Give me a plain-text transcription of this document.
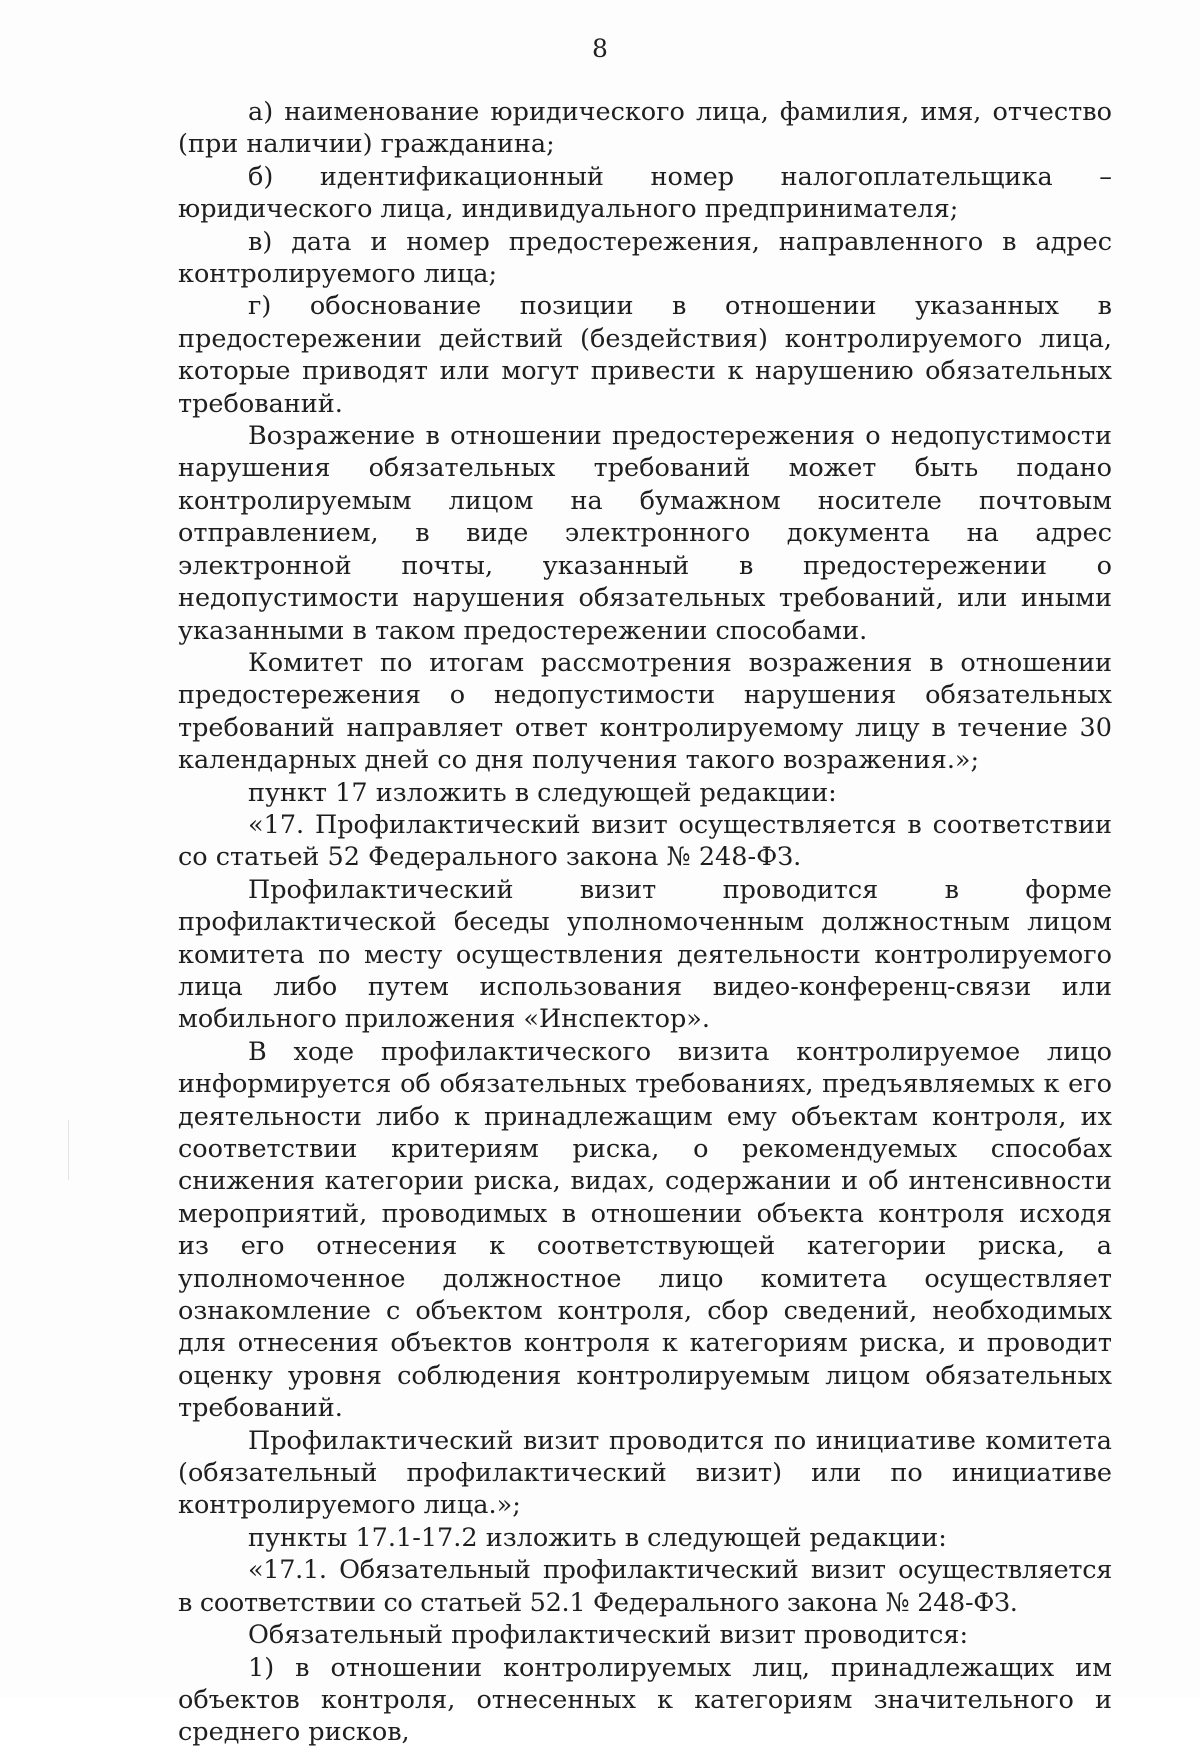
8

а) наименование юридического лица, фамилия, имя, отчество (при наличии) гражданина;

б) идентификационный номер налогоплательщика – юридического лица, индивидуального предпринимателя;

в) дата и номер предостережения, направленного в адрес контролируемого лица;

г) обоснование позиции в отношении указанных в предостережении действий (бездействия) контролируемого лица, которые приводят или могут привести к нарушению обязательных требований.

Возражение в отношении предостережения о недопустимости нарушения обязательных требований может быть подано контролируемым лицом на бумажном носителе почтовым отправлением, в виде электронного документа на адрес электронной почты, указанный в предостережении о недопустимости нарушения обязательных требований, или иными указанными в таком предостережении способами.

Комитет по итогам рассмотрения возражения в отношении предостережения о недопустимости нарушения обязательных требований направляет ответ контролируемому лицу в течение 30 календарных дней со дня получения такого возражения.»;

пункт 17 изложить в следующей редакции:

«17. Профилактический визит осуществляется в соответствии со статьей 52 Федерального закона № 248-ФЗ.

Профилактический визит проводится в форме профилактической беседы уполномоченным должностным лицом комитета по месту осуществления деятельности контролируемого лица либо путем использования видео-конференц-связи или мобильного приложения «Инспектор».

В ходе профилактического визита контролируемое лицо информируется об обязательных требованиях, предъявляемых к его деятельности либо к принадлежащим ему объектам контроля, их соответствии критериям риска, о рекомендуемых способах снижения категории риска, видах, содержании и об интенсивности мероприятий, проводимых в отношении объекта контроля исходя из его отнесения к соответствующей категории риска, а уполномоченное должностное лицо комитета осуществляет ознакомление с объектом контроля, сбор сведений, необходимых для отнесения объектов контроля к категориям риска, и проводит оценку уровня соблюдения контролируемым лицом обязательных требований.

Профилактический визит проводится по инициативе комитета (обязательный профилактический визит) или по инициативе контролируемого лица.»;

пункты 17.1-17.2 изложить в следующей редакции:

«17.1. Обязательный профилактический визит осуществляется в соответствии со статьей 52.1 Федерального закона № 248-ФЗ.

Обязательный профилактический визит проводится:

1) в отношении контролируемых лиц, принадлежащих им объектов контроля, отнесенных к категориям значительного и среднего рисков,
